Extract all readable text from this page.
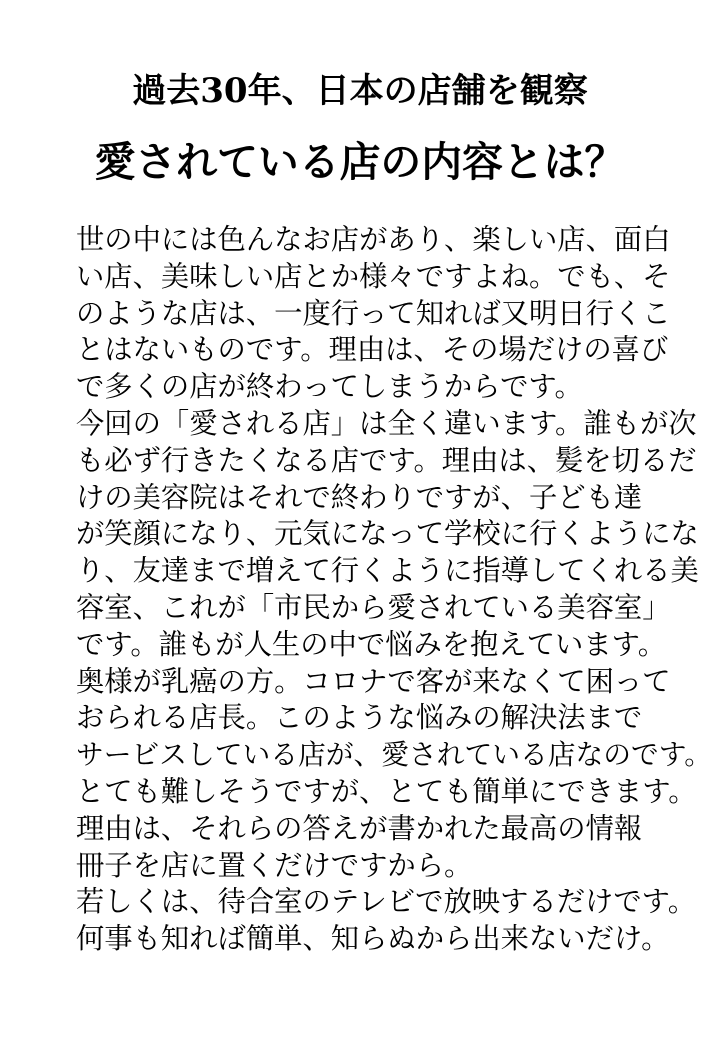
過去30年、日本の店舗を観察
愛されている店の内容とは？
世の中には色んなお店があり、楽しい店、面白
い店、美味しい店とか様々ですよね。でも、そ
のような店は、一度行って知れば又明日行くこ
とはないものです。理由は、その場だけの喜び
で多くの店が終わってしまうからです。
今回の「愛される店」は全く違います。誰もが次
も必ず行きたくなる店です。理由は、髪を切るだ
けの美容院はそれで終わりですが、子ども達
が笑顔になり、元気になって学校に行くようにな
り、友達まで増えて行くように指導してくれる美
容室、これが「市民から愛されている美容室」
です。誰もが人生の中で悩みを抱えています。
奥様が乳癌の方。コロナで客が来なくて困って
おられる店長。このような悩みの解決法まで
サービスしている店が、愛されている店なのです。
とても難しそうですが、とても簡単にできます。
理由は、それらの答えが書かれた最高の情報
冊子を店に置くだけですから。
若しくは、待合室のテレビで放映するだけです。
何事も知れば簡単、知らぬから出来ないだけ。
